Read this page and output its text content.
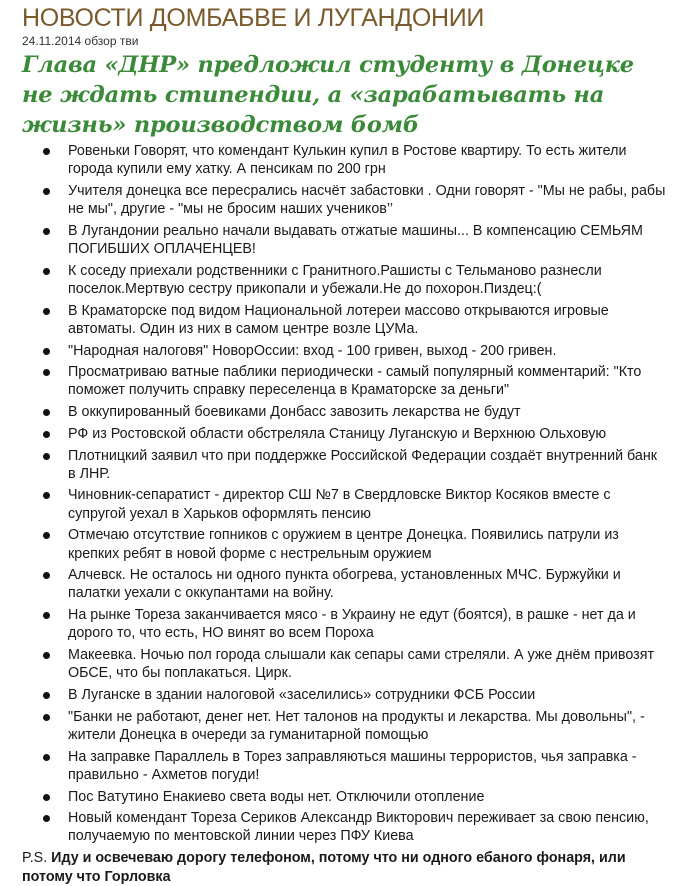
НОВОСТИ ДОМБАБВЕ И ЛУГАНДОНИИ
24.11.2014 обзор тви
Глава «ДНР» предложил студенту в Донецке не ждать стипендии, а «зарабатывать на жизнь» производством бомб
Ровеньки Говорят, что комендант Кулькин купил в Ростове квартиру. То есть жители города купили ему хатку. А пенсикам по 200 грн
Учителя донецка все пересрались насчёт забастовки . Одни говорят - "Мы не рабы, рабы не мы", другие - "мы не бросим наших учеников’’
В Лугандонии реально начали выдавать отжатые машины... В компенсацию СЕМЬЯМ ПОГИБШИХ ОПЛАЧЕНЦЕВ!
К соседу приехали родственники с Гранитного.Рашисты с Тельманово разнесли поселок.Мертвую сестру прикопали и убежали.Не до похорон.Пиздец:(
В Краматорске под видом Национальной лотереи массово открываются игровые автоматы. Один из них в самом центре возле ЦУМа.
"Народная налоговя" НоворОссии: вход - 100 гривен, выход - 200 гривен.
Просматриваю ватные паблики периодически - самый популярный комментарий: "Кто поможет получить справку переселенца в Краматорске за деньги"
В оккупированный боевиками Донбасс завозить лекарства не будут
РФ из Ростовской области обстреляла Станицу Луганскую и Верхнюю Ольховую
Плотницкий заявил что при поддержке Российской Федерации создаёт внутренний банк в ЛНР.
Чиновник-сепаратист - директор СШ №7 в Свердловске Виктор Косяков вместе с супругой уехал в Харьков оформлять пенсию
Отмечаю отсутствие гопников с оружием в центре Донецка. Появились патрули из крепких ребят в новой форме с нестрельным оружием
Алчевск. Не осталось ни одного пункта обогрева, установленных МЧС. Буржуйки и палатки уехали с оккупантами на войну.
На рынке Тореза заканчивается мясо - в Украину не едут (боятся), в рашке - нет да и дорого то, что есть, НО винят во всем Пороха
Макеевка. Ночью пол города слышали как сепары сами стреляли. А уже днём привозят ОБСЕ, что бы поплакаться. Цирк.
В Луганске в здании налоговой «заселились» сотрудники ФСБ России
"Банки не работают, денег нет. Нет талонов на продукты и лекарства. Мы довольны", - жители Донецка в очереди за гуманитарной помощью
На заправке Параллель в Торез заправляються машины террористов, чья заправка - правильно - Ахметов погуди!
Пос Ватутино Енакиево света воды нет. Отключили отопление
Новый комендант Тореза Сериков Александр Викторович переживает за свою пенсию, получаемую по ментовской линии через ПФУ Киева

P.S. Иду и освечеваю дорогу телефоном, потому что ни одного ебаного фонаря, или потому что Горловка
